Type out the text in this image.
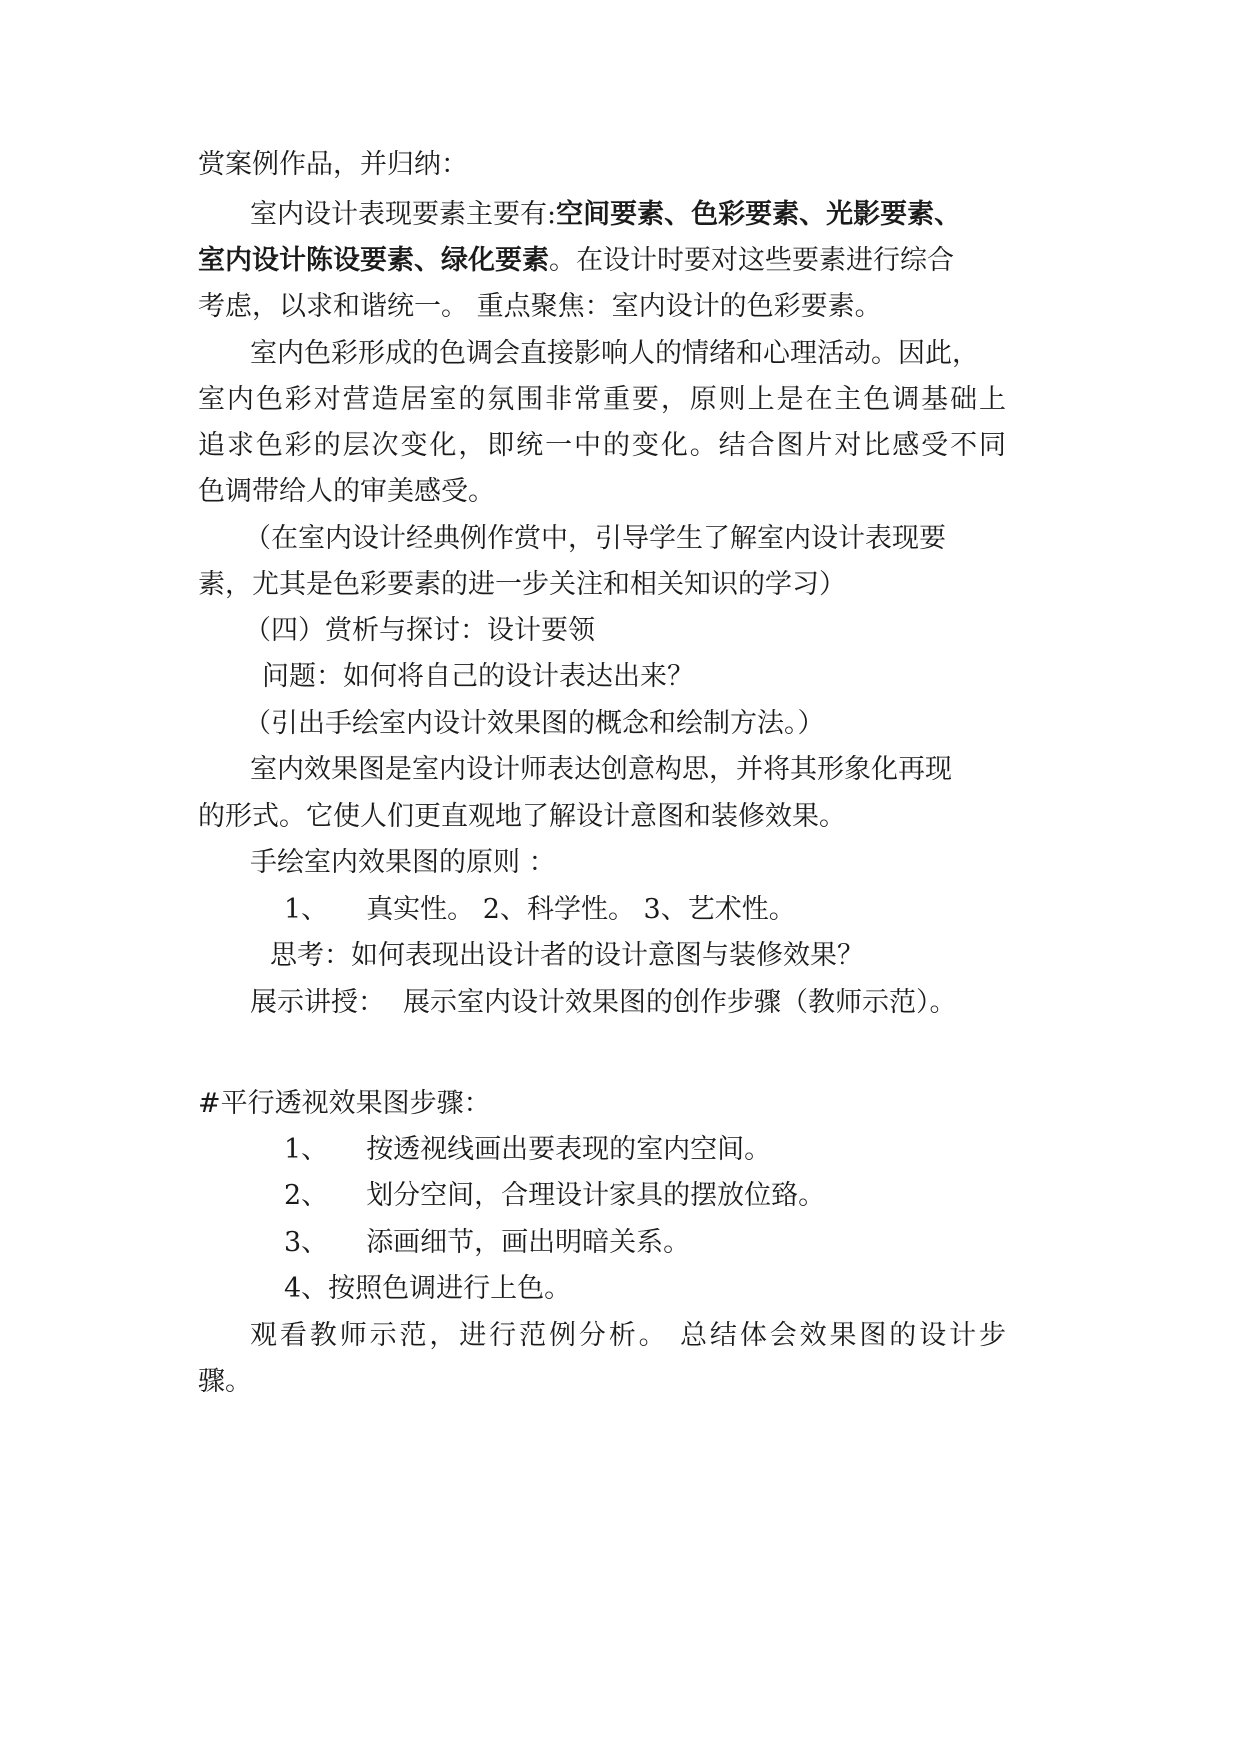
赏案例作品，并归纳：
室内设计表现要素主要有:空间要素、色彩要素、光影要素、
室内设计陈设要素、绿化要素。在设计时要对这些要素进行综合
考虑，以求和谐统一。 重点聚焦：室内设计的色彩要素。
室内色彩形成的色调会直接影响人的情绪和心理活动。因此，
室内色彩对营造居室的氛围非常重要，原则上是在主色调基础上
追求色彩的层次变化，即统一中的变化。结合图片对比感受不同
色调带给人的审美感受。
（在室内设计经典例作赏中，引导学生了解室内设计表现要
素，尤其是色彩要素的进一步关注和相关知识的学习）
（四）赏析与探讨：设计要领
问题：如何将自己的设计表达出来？
（引出手绘室内设计效果图的概念和绘制方法。）
室内效果图是室内设计师表达创意构思，并将其形象化再现
的形式。它使人们更直观地了解设计意图和装修效果。
手绘室内效果图的原则 ：
1、 真实性。 2、科学性。 3、艺术性。
思考：如何表现出设计者的设计意图与装修效果？
展示讲授： 展示室内设计效果图的创作步骤（教师示范）。
#平行透视效果图步骤：
1、 按透视线画出要表现的室内空间。
2、 划分空间，合理设计家具的摆放位臵。
3、 添画细节，画出明暗关系。
4、按照色调进行上色。
观看教师示范，进行范例分析。 总结体会效果图的设计步
骤。
